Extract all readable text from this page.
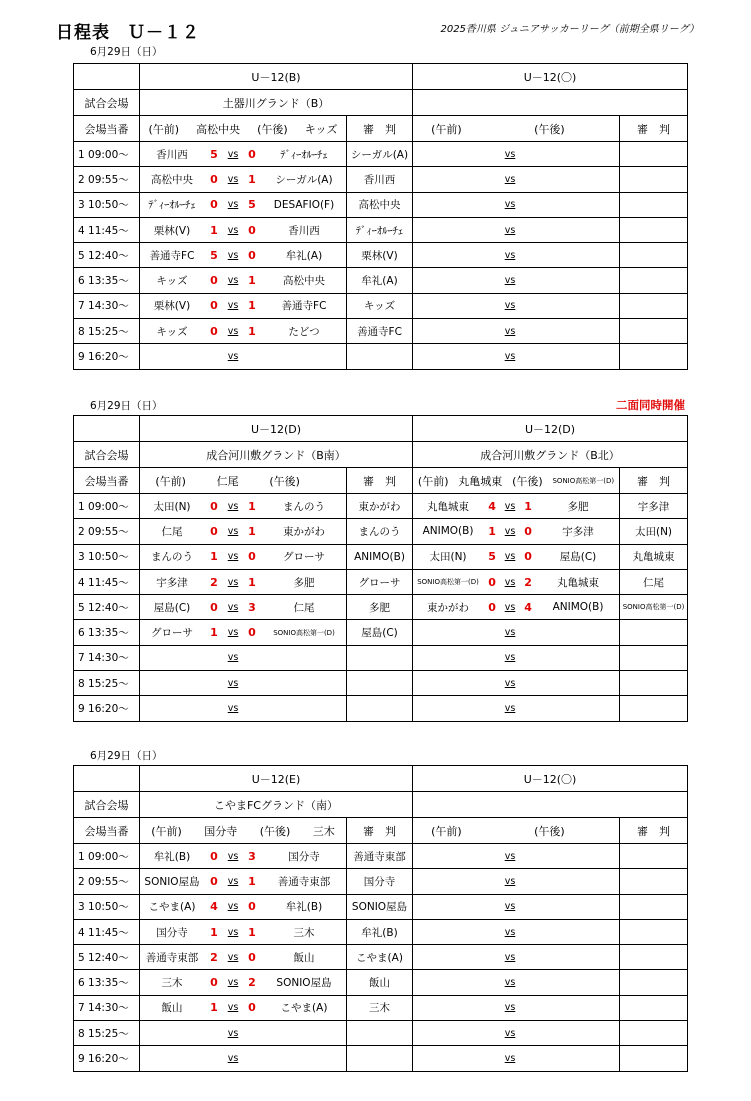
日程表　Ｕ－１２	2025香川県 ジュニアサッカーリーグ（前期全県リーグ）
6月29日（日）
	U－12(B)		U－12(〇)	
試合会場	土器川グランド（B）			
会場当番	(午前) 高松中央 (午後) キッズ	審　判	(午前) (午後)	審　判
1 09:00～	香川西 5 vs 0 ﾃﾞｨｰｵﾙｰﾁｪ	シーガル(A)	vs	

2 09:55～	高松中央 0 vs 1 シーガル(A)	香川西	vs	

3 10:50～	ﾃﾞｨｰｵﾙｰﾁｪ 0 vs 5 DESAFIO(F)	高松中央	vs	

4 11:45～	栗林(V) 1 vs 0 香川西	ﾃﾞｨｰｵﾙｰﾁｪ	vs	

5 12:40～	善通寺FC 5 vs 0 牟礼(A)	栗林(V)	vs	

6 13:35～	キッズ 0 vs 1 高松中央	牟礼(A)	vs	

7 14:30～	栗林(V) 0 vs 1 善通寺FC	キッズ	vs	

8 15:25～	キッズ 0 vs 1 たどつ	善通寺FC	vs	

9 16:20～	vs		vs	

6月29日（日）	二面同時開催
	U－12(D)		U－12(D)	
試合会場	成合河川敷グランド（B南）		成合河川敷グランド（B北）	
会場当番	(午前) 仁尾 (午後)	審　判	(午前) 丸亀城東 (午後) SONIO高松第一(D)	審　判
1 09:00～	太田(N) 0 vs 1 まんのう	東かがわ	丸亀城東 4 vs 1 多肥	宇多津
2 09:55～	仁尾 0 vs 1 東かがわ	まんのう	ANIMO(B) 1 vs 0 宇多津	太田(N)
3 10:50～	まんのう 1 vs 0 グローサ	ANIMO(B)	太田(N) 5 vs 0 屋島(C)	丸亀城東
4 11:45～	宇多津 2 vs 1 多肥	グローサ	SONIO高松第一(D) 0 vs 2 丸亀城東	仁尾
5 12:40～	屋島(C) 0 vs 3 仁尾	多肥	東かがわ 0 vs 4 ANIMO(B)	SONIO高松第一(D)
6 13:35～	グローサ 1 vs 0 SONIO高松第一(D)	屋島(C)	vs	

7 14:30～	vs		vs	

8 15:25～	vs		vs	

9 16:20～	vs		vs	

6月29日（日）
	U－12(E)		U－12(〇)	
試合会場	こやまFCグランド（南）			
会場当番	(午前) 国分寺 (午後) 三木	審　判	(午前) (午後)	審　判
1 09:00～	牟礼(B) 0 vs 3 国分寺	善通寺東部	vs	

2 09:55～	SONIO屋島 0 vs 1 善通寺東部	国分寺	vs	

3 10:50～	こやま(A) 4 vs 0 牟礼(B)	SONIO屋島	vs	

4 11:45～	国分寺 1 vs 1 三木	牟礼(B)	vs	

5 12:40～	善通寺東部 2 vs 0 飯山	こやま(A)	vs	

6 13:35～	三木 0 vs 2 SONIO屋島	飯山	vs	

7 14:30～	飯山 1 vs 0 こやま(A)	三木	vs	

8 15:25～	vs		vs	

9 16:20～	vs		vs	
